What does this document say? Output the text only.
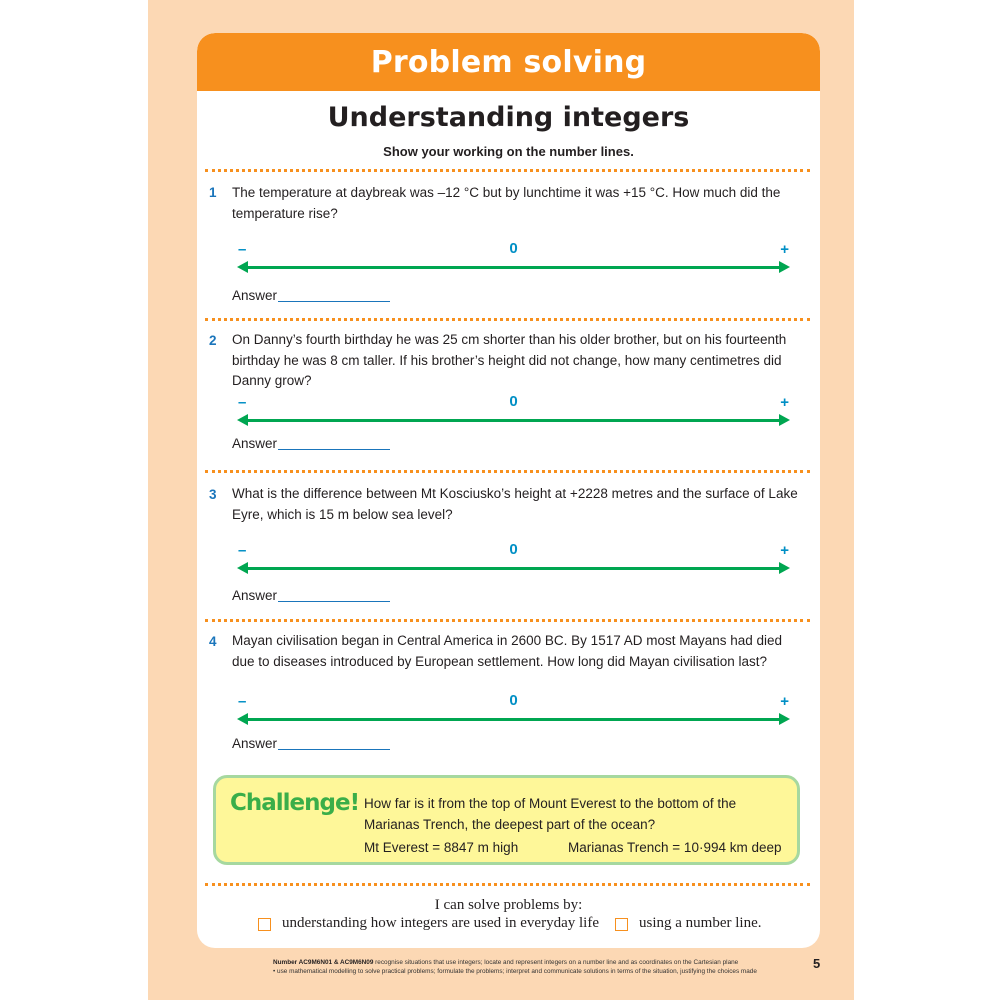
Problem solving
Understanding integers
Show your working on the number lines.
1 The temperature at daybreak was –12 °C but by lunchtime it was +15 °C. How much did the temperature rise?
–	0	+
Answer
2 On Danny’s fourth birthday he was 25 cm shorter than his older brother, but on his fourteenth birthday he was 8 cm taller. If his brother’s height did not change, how many centimetres did Danny grow?
–	0	+
Answer
3 What is the difference between Mt Kosciusko’s height at +2228 metres and the surface of Lake Eyre, which is 15 m below sea level?
–	0	+
Answer
4 Mayan civilisation began in Central America in 2600 BC. By 1517 AD most Mayans had died due to diseases introduced by European settlement. How long did Mayan civilisation last?
–	0	+
Answer
Challenge! How far is it from the top of Mount Everest to the bottom of the Marianas Trench, the deepest part of the ocean?
Mt Everest = 8847 m high	Marianas Trench = 10·994 km deep
I can solve problems by:
understanding how integers are used in everyday life	using a number line.
Number AC9M6N01 & AC9M6N09 recognise situations that use integers; locate and represent integers on a number line and as coordinates on the Cartesian plane
• use mathematical modelling to solve practical problems; formulate the problems; interpret and communicate solutions in terms of the situation, justifying the choices made
5
